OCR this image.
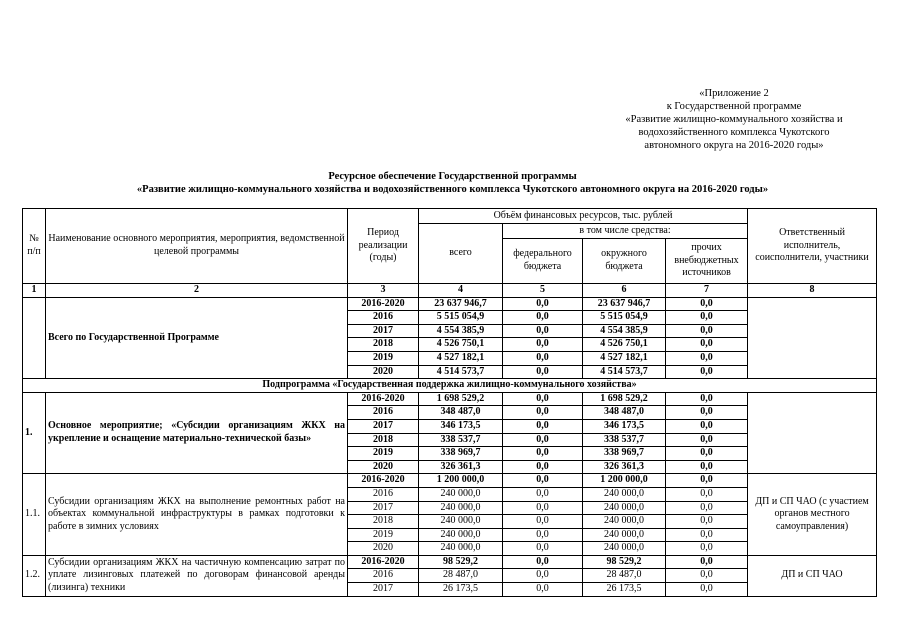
«Приложение 2
к Государственной программе
«Развитие жилищно-коммунального хозяйства и
водохозяйственного комплекса Чукотского
автономного округа на 2016-2020 годы»
Ресурсное обеспечение Государственной программы
«Развитие жилищно-коммунального хозяйства и водохозяйственного комплекса Чукотского автономного округа на 2016-2020 годы»
№ п/п	Наименование основного мероприятия, мероприятия, ведомственной целевой программы	Период реализации (годы)	Объём финансовых ресурсов, тыс. рублей				Ответственный исполнитель, соисполнители, участники
			всего	в том числе средства:			
				федерального бюджета	окружного бюджета	прочих внебюджетных источников	
1	2	3	4	5	6	7	8
	Всего по Государственной Программе	2016-2020	23 637 946,7	0,0	23 637 946,7	0,0	
		2016	5 515 054,9	0,0	5 515 054,9	0,0	
		2017	4 554 385,9	0,0	4 554 385,9	0,0	
		2018	4 526 750,1	0,0	4 526 750,1	0,0	
		2019	4 527 182,1	0,0	4 527 182,1	0,0	
		2020	4 514 573,7	0,0	4 514 573,7	0,0	
Подпрограмма «Государственная поддержка жилищно-коммунального хозяйства»							
1.	Основное мероприятие; «Субсидии организациям ЖКХ на укрепление и оснащение материально-технической базы»	2016-2020	1 698 529,2	0,0	1 698 529,2	0,0	
		2016	348 487,0	0,0	348 487,0	0,0	
		2017	346 173,5	0,0	346 173,5	0,0	
		2018	338 537,7	0,0	338 537,7	0,0	
		2019	338 969,7	0,0	338 969,7	0,0	
		2020	326 361,3	0,0	326 361,3	0,0	
1.1.	Субсидии организациям ЖКХ на выполнение ремонтных работ на объектах коммунальной инфраструктуры в рамках подготовки к работе в зимних условиях	2016-2020	1 200 000,0	0,0	1 200 000,0	0,0	ДП и СП ЧАО (с участием органов местного самоуправления)
		2016	240 000,0	0,0	240 000,0	0,0	
		2017	240 000,0	0,0	240 000,0	0,0	
		2018	240 000,0	0,0	240 000,0	0,0	
		2019	240 000,0	0,0	240 000,0	0,0	
		2020	240 000,0	0,0	240 000,0	0,0	
1.2.	Субсидии организациям ЖКХ на частичную компенсацию затрат по уплате лизинговых платежей по договорам финансовой аренды (лизинга) техники	2016-2020	98 529,2	0,0	98 529,2	0,0	ДП и СП ЧАО
		2016	28 487,0	0,0	28 487,0	0,0	
		2017	26 173,5	0,0	26 173,5	0,0	
